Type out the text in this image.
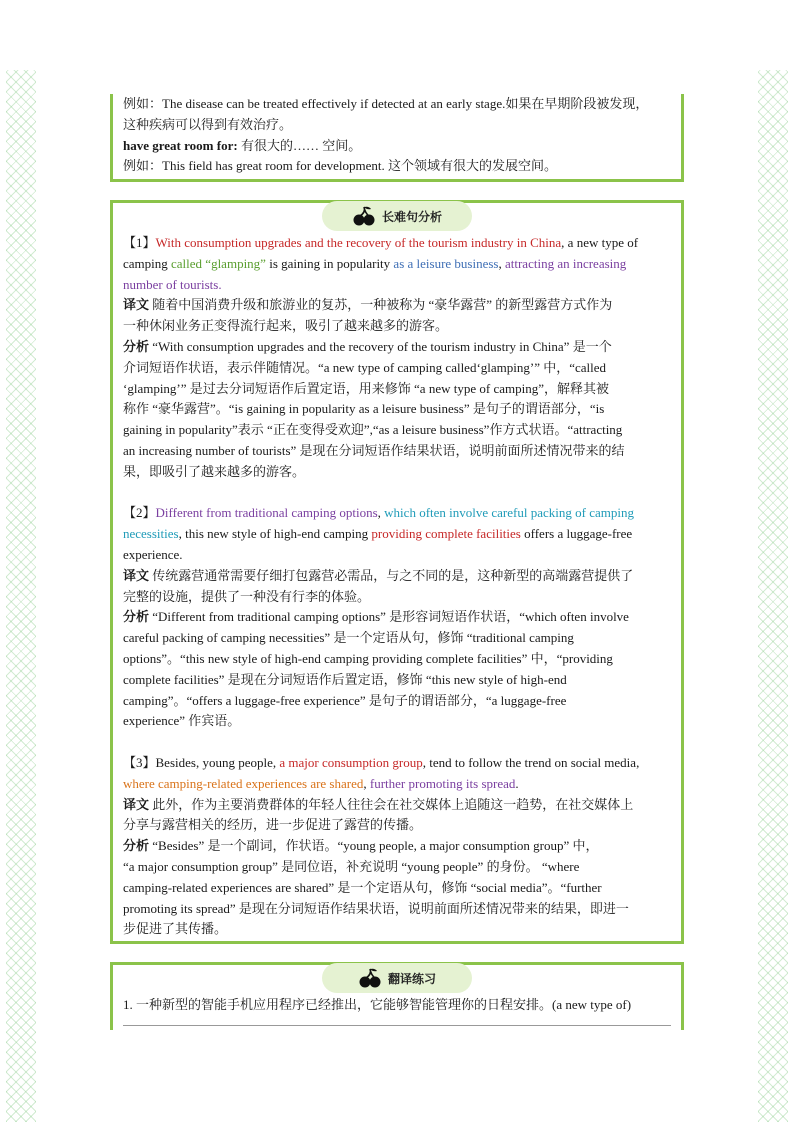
例如：The disease can be treated effectively if detected at an early stage.如果在早期阶段被发现，
这种疾病可以得到有效治疗。
have great room for: 有很大的…… 空间。
例如：This field has great room for development. 这个领域有很大的发展空间。
长难句分析
【1】With consumption upgrades and the recovery of the tourism industry in China, a new type of
camping called “glamping” is gaining in popularity as a leisure business, attracting an increasing
number of tourists.
译文 随着中国消费升级和旅游业的复苏，一种被称为 “豪华露营” 的新型露营方式作为
一种休闲业务正变得流行起来，吸引了越来越多的游客。
分析 “With consumption upgrades and the recovery of the tourism industry in China” 是一个
介词短语作状语，表示伴随情况。“a new type of camping called‘glamping’” 中，“called
‘glamping’” 是过去分词短语作后置定语，用来修饰 “a new type of camping”，解释其被
称作 “豪华露营”。“is gaining in popularity as a leisure business” 是句子的谓语部分，“is
gaining in popularity”表示 “正在变得受欢迎”,“as a leisure business”作方式状语。“attracting
an increasing number of tourists” 是现在分词短语作结果状语，说明前面所述情况带来的结
果，即吸引了越来越多的游客。
【2】Different from traditional camping options, which often involve careful packing of camping
necessities, this new style of high-end camping providing complete facilities offers a luggage-free
experience.
译文 传统露营通常需要仔细打包露营必需品，与之不同的是，这种新型的高端露营提供了
完整的设施，提供了一种没有行李的体验。
分析 “Different from traditional camping options” 是形容词短语作状语，“which often involve
careful packing of camping necessities” 是一个定语从句，修饰 “traditional camping
options”。“this new style of high-end camping providing complete facilities” 中，“providing
complete facilities” 是现在分词短语作后置定语，修饰 “this new style of high-end
camping”。“offers a luggage-free experience” 是句子的谓语部分，“a luggage-free
experience” 作宾语。
【3】Besides, young people, a major consumption group, tend to follow the trend on social media,
where camping-related experiences are shared, further promoting its spread.
译文 此外，作为主要消费群体的年轻人往往会在社交媒体上追随这一趋势，在社交媒体上
分享与露营相关的经历，进一步促进了露营的传播。
分析 “Besides” 是一个副词，作状语。“young people, a major consumption group” 中，
“a major consumption group” 是同位语，补充说明 “young people” 的身份。 “where
camping-related experiences are shared” 是一个定语从句，修饰 “social media”。“further
promoting its spread” 是现在分词短语作结果状语，说明前面所述情况带来的结果，即进一
步促进了其传播。
翻译练习
1. 一种新型的智能手机应用程序已经推出，它能够智能管理你的日程安排。(a new type of)
